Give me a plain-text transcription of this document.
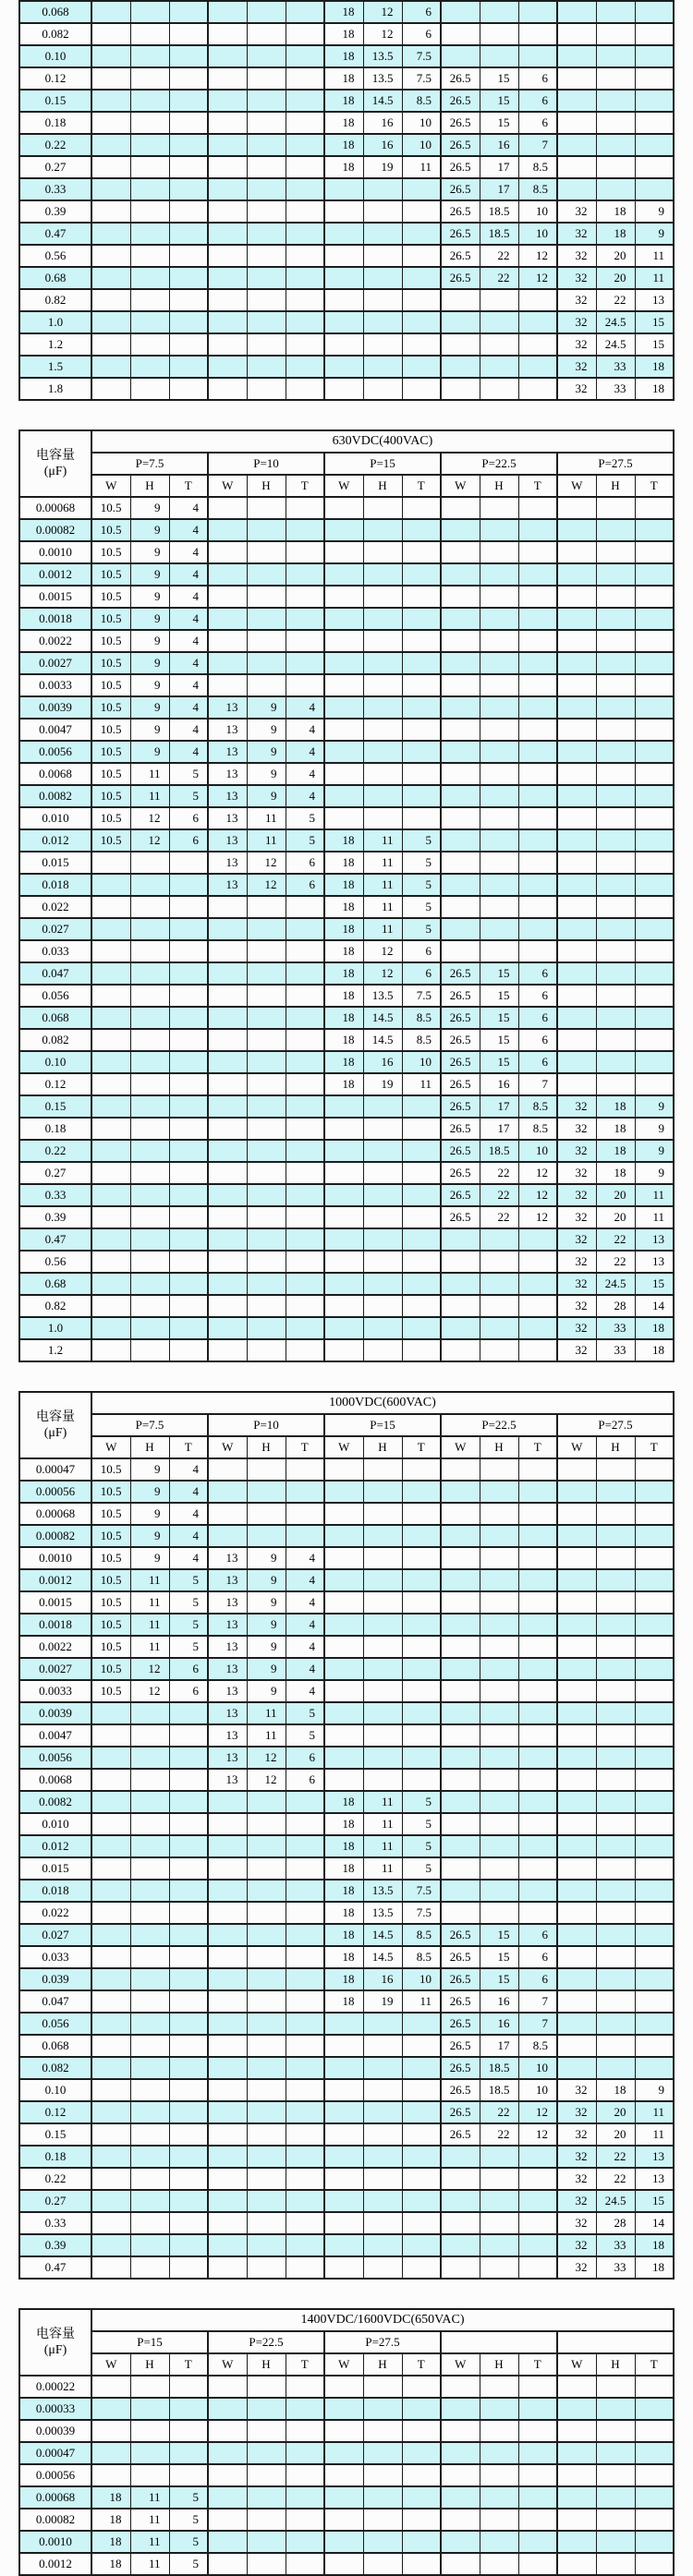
0.068							18	12	6						
0.082							18	12	6						
0.10							18	13.5	7.5						
0.12							18	13.5	7.5	26.5	15	6			
0.15							18	14.5	8.5	26.5	15	6			
0.18							18	16	10	26.5	15	6			
0.22							18	16	10	26.5	16	7			
0.27							18	19	11	26.5	17	8.5			
0.33										26.5	17	8.5			
0.39										26.5	18.5	10	32	18	9
0.47										26.5	18.5	10	32	18	9
0.56										26.5	22	12	32	20	11
0.68										26.5	22	12	32	20	11
0.82													32	22	13
1.0													32	24.5	15
1.2													32	24.5	15
1.5													32	33	18
1.8													32	33	18
电容量
(μF)	630VDC(400VAC)														
	P=7.5			P=10			P=15			P=22.5			P=27.5		
	W	H	T	W	H	T	W	H	T	W	H	T	W	H	T
0.00068	10.5	9	4												
0.00082	10.5	9	4												
0.0010	10.5	9	4												
0.0012	10.5	9	4												
0.0015	10.5	9	4												
0.0018	10.5	9	4												
0.0022	10.5	9	4												
0.0027	10.5	9	4												
0.0033	10.5	9	4												
0.0039	10.5	9	4	13	9	4									
0.0047	10.5	9	4	13	9	4									
0.0056	10.5	9	4	13	9	4									
0.0068	10.5	11	5	13	9	4									
0.0082	10.5	11	5	13	9	4									
0.010	10.5	12	6	13	11	5									
0.012	10.5	12	6	13	11	5	18	11	5						
0.015				13	12	6	18	11	5						
0.018				13	12	6	18	11	5						
0.022							18	11	5						
0.027							18	11	5						
0.033							18	12	6						
0.047							18	12	6	26.5	15	6			
0.056							18	13.5	7.5	26.5	15	6			
0.068							18	14.5	8.5	26.5	15	6			
0.082							18	14.5	8.5	26.5	15	6			
0.10							18	16	10	26.5	15	6			
0.12							18	19	11	26.5	16	7			
0.15										26.5	17	8.5	32	18	9
0.18										26.5	17	8.5	32	18	9
0.22										26.5	18.5	10	32	18	9
0.27										26.5	22	12	32	18	9
0.33										26.5	22	12	32	20	11
0.39										26.5	22	12	32	20	11
0.47													32	22	13
0.56													32	22	13
0.68													32	24.5	15
0.82													32	28	14
1.0													32	33	18
1.2													32	33	18
电容量
(μF)	1000VDC(600VAC)														
	P=7.5			P=10			P=15			P=22.5			P=27.5		
	W	H	T	W	H	T	W	H	T	W	H	T	W	H	T
0.00047	10.5	9	4												
0.00056	10.5	9	4												
0.00068	10.5	9	4												
0.00082	10.5	9	4												
0.0010	10.5	9	4	13	9	4									
0.0012	10.5	11	5	13	9	4									
0.0015	10.5	11	5	13	9	4									
0.0018	10.5	11	5	13	9	4									
0.0022	10.5	11	5	13	9	4									
0.0027	10.5	12	6	13	9	4									
0.0033	10.5	12	6	13	9	4									
0.0039				13	11	5									
0.0047				13	11	5									
0.0056				13	12	6									
0.0068				13	12	6									
0.0082							18	11	5						
0.010							18	11	5						
0.012							18	11	5						
0.015							18	11	5						
0.018							18	13.5	7.5						
0.022							18	13.5	7.5						
0.027							18	14.5	8.5	26.5	15	6			
0.033							18	14.5	8.5	26.5	15	6			
0.039							18	16	10	26.5	15	6			
0.047							18	19	11	26.5	16	7			
0.056										26.5	16	7			
0.068										26.5	17	8.5			
0.082										26.5	18.5	10			
0.10										26.5	18.5	10	32	18	9
0.12										26.5	22	12	32	20	11
0.15										26.5	22	12	32	20	11
0.18													32	22	13
0.22													32	22	13
0.27													32	24.5	15
0.33													32	28	14
0.39													32	33	18
0.47													32	33	18
电容量
(μF)	1400VDC/1600VDC(650VAC)														
	P=15			P=22.5			P=27.5								
	W	H	T	W	H	T	W	H	T	W	H	T	W	H	T
0.00022															
0.00033															
0.00039															
0.00047															
0.00056															
0.00068	18	11	5												
0.00082	18	11	5												
0.0010	18	11	5												
0.0012	18	11	5												
